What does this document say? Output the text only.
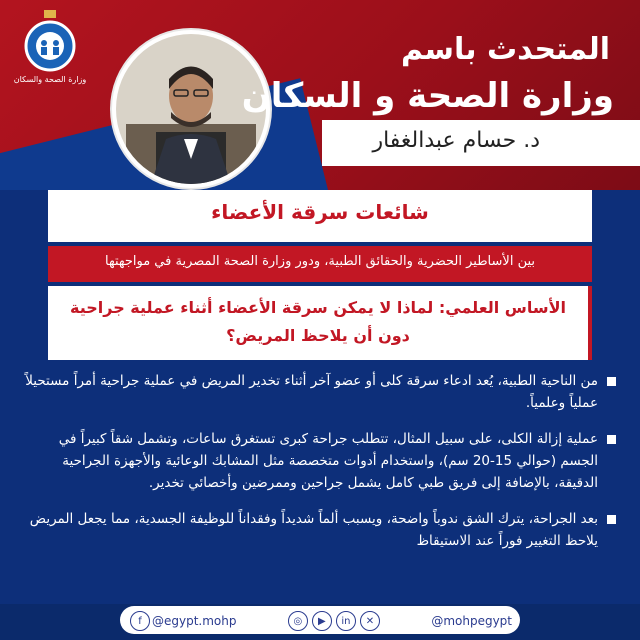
وزارة الصحة والسكان
المتحدث باسم
وزارة الصحة و السكان
د. حسام عبدالغفار
شائعات سرقة الأعضاء
بين الأساطير الحضرية والحقائق الطبية، ودور وزارة الصحة المصرية في مواجهتها
الأساس العلمي: لماذا لا يمكن سرقة الأعضاء أثناء عملية جراحية دون أن يلاحظ المريض؟
من الناحية الطبية، يُعد ادعاء سرقة كلى أو عضو آخر أثناء تخدير المريض في عملية جراحية أمراً مستحيلاً عملياً وعلمياً.
عملية إزالة الكلى، على سبيل المثال، تتطلب جراحة كبرى تستغرق ساعات، وتشمل شقاً كبيراً في الجسم (حوالي 15-20 سم)، واستخدام أدوات متخصصة مثل المشابك الوعائية والأجهزة الجراحية الدقيقة، بالإضافة إلى فريق طبي كامل يشمل جراحين وممرضين وأخصائي تخدير.
بعد الجراحة، يترك الشق ندوباً واضحة، ويسبب ألماً شديداً وفقداناً للوظيفة الجسدية، مما يجعل المريض يلاحظ التغيير فوراً عند الاستيقاظ
f @egypt.mohp	◎	▶	in	✕	@mohpegypt
